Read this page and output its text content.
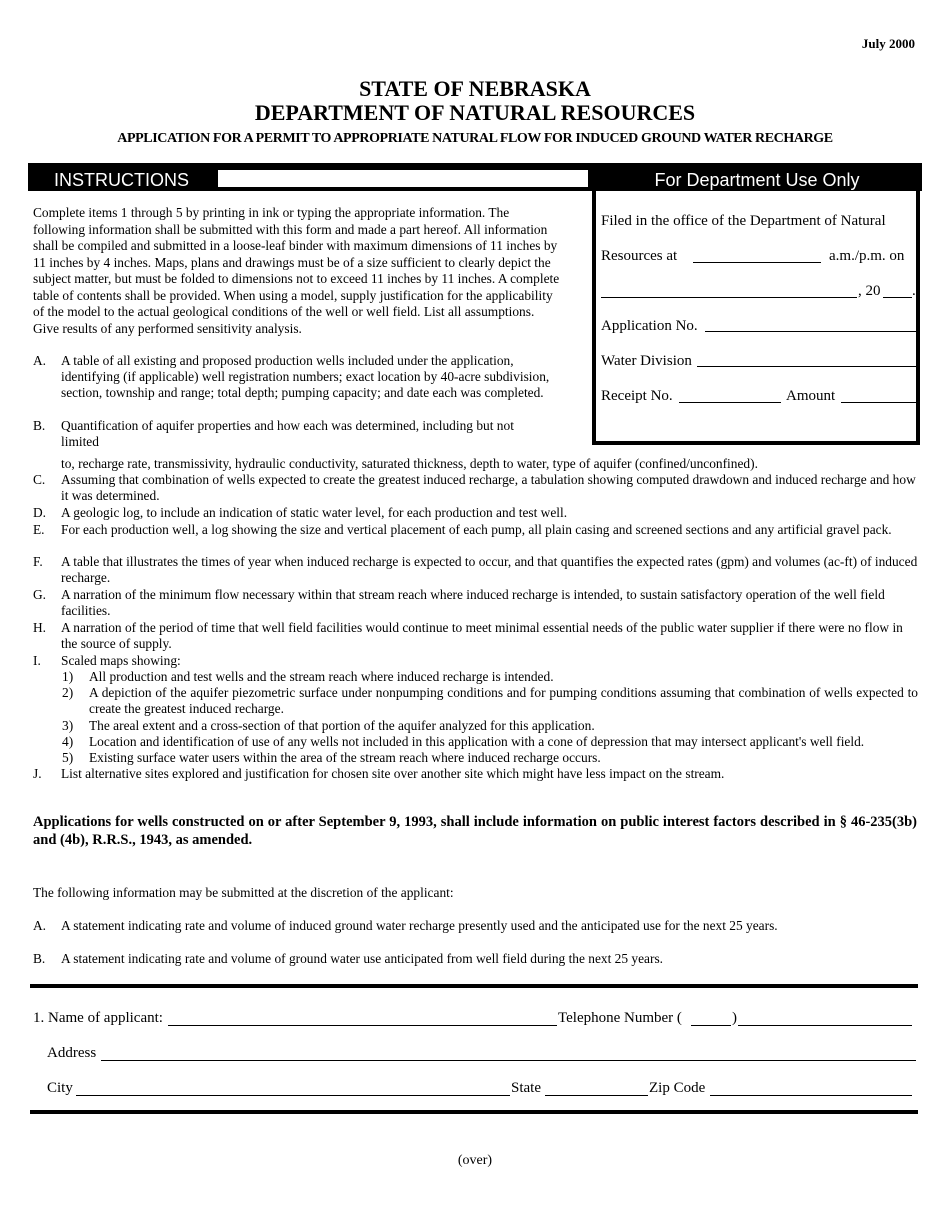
July 2000
STATE OF NEBRASKA
DEPARTMENT OF NATURAL RESOURCES
APPLICATION FOR A PERMIT TO APPROPRIATE NATURAL FLOW FOR INDUCED GROUND WATER RECHARGE
INSTRUCTIONS	For Department Use Only
Filed in the office of the Department of Natural
Resources at	a.m./p.m. on
, 20 .
Application No.
Water Division
Receipt No.	Amount
Complete items 1 through 5 by printing in ink or typing the appropriate information. The following information shall be submitted with this form and made a part hereof. All information shall be compiled and submitted in a loose-leaf binder with maximum dimensions of 11 inches by 11 inches by 4 inches. Maps, plans and drawings must be of a size sufficient to clearly depict the subject matter, but must be folded to dimensions not to exceed 11 inches by 11 inches. A complete table of contents shall be provided. When using a model, supply justification for the applicability of the model to the actual geological conditions of the well or well field. List all assumptions. Give results of any performed sensitivity analysis.
A. A table of all existing and proposed production wells included under the application, identifying (if applicable) well registration numbers; exact location by 40-acre subdivision, section, township and range; total depth; pumping capacity; and date each was completed.
B. Quantification of aquifer properties and how each was determined, including but not limited
to, recharge rate, transmissivity, hydraulic conductivity, saturated thickness, depth to water, type of aquifer (confined/unconfined).
C. Assuming that combination of wells expected to create the greatest induced recharge, a tabulation showing computed drawdown and induced recharge and how it was determined.
D. A geologic log, to include an indication of static water level, for each production and test well.
E. For each production well, a log showing the size and vertical placement of each pump, all plain casing and screened sections and any artificial gravel pack.
F. A table that illustrates the times of year when induced recharge is expected to occur, and that quantifies the expected rates (gpm) and volumes (ac-ft) of induced recharge.
G. A narration of the minimum flow necessary within that stream reach where induced recharge is intended, to sustain satisfactory operation of the well field facilities.
H. A narration of the period of time that well field facilities would continue to meet minimal essential needs of the public water supplier if there were no flow in the source of supply.
I. Scaled maps showing:
1) All production and test wells and the stream reach where induced recharge is intended.
2) A depiction of the aquifer piezometric surface under nonpumping conditions and for pumping conditions assuming that combination of wells expected to create the greatest induced recharge.
3) The areal extent and a cross-section of that portion of the aquifer analyzed for this application.
4) Location and identification of use of any wells not included in this application with a cone of depression that may intersect applicant's well field.
5) Existing surface water users within the area of the stream reach where induced recharge occurs.
J. List alternative sites explored and justification for chosen site over another site which might have less impact on the stream.
Applications for wells constructed on or after September 9, 1993, shall include information on public interest factors described in § 46-235(3b) and (4b), R.R.S., 1943, as amended.
The following information may be submitted at the discretion of the applicant:
A. A statement indicating rate and volume of induced ground water recharge presently used and the anticipated use for the next 25 years.
B. A statement indicating rate and volume of ground water use anticipated from well field during the next 25 years.
1. Name of applicant:	Telephone Number (	)
Address
City	State	Zip Code
(over)
